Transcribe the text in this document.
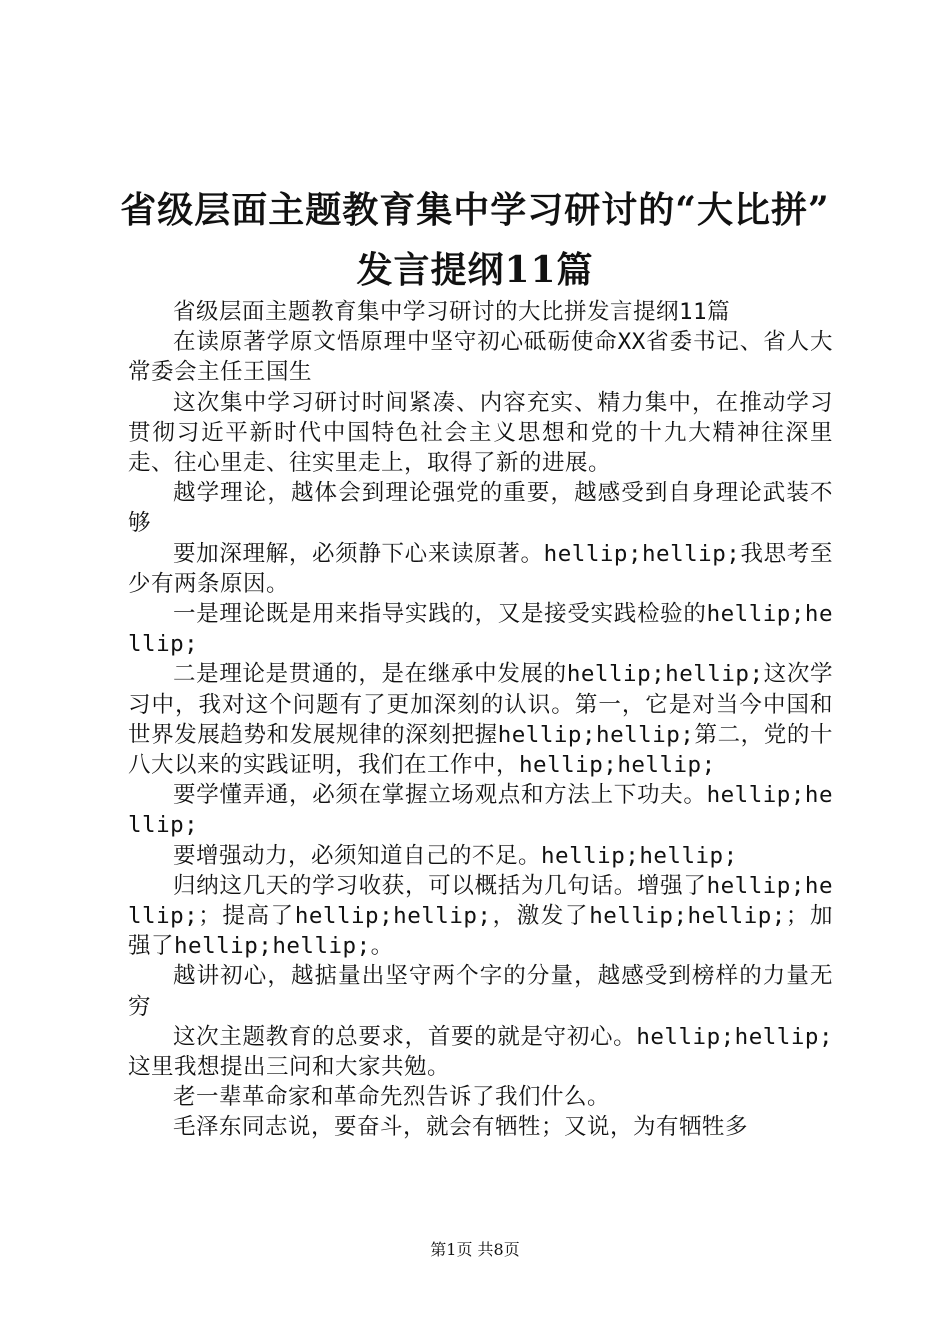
省级层面主题教育集中学习研讨的“大比拼”
发言提纲11篇

省级层面主题教育集中学习研讨的大比拼发言提纲11篇

在读原著学原文悟原理中坚守初心砥砺使命XX省委书记、省人大常委会主任王国生

这次集中学习研讨时间紧凑、内容充实、精力集中，在推动学习贯彻习近平新时代中国特色社会主义思想和党的十九大精神往深里走、往心里走、往实里走上，取得了新的进展。

越学理论，越体会到理论强党的重要，越感受到自身理论武装不够

要加深理解，必须静下心来读原著。hellip;hellip;我思考至少有两条原因。

一是理论既是用来指导实践的，又是接受实践检验的hellip;hellip;

二是理论是贯通的，是在继承中发展的hellip;hellip;这次学习中，我对这个问题有了更加深刻的认识。第一，它是对当今中国和世界发展趋势和发展规律的深刻把握hellip;hellip;第二，党的十八大以来的实践证明，我们在工作中，hellip;hellip;

要学懂弄通，必须在掌握立场观点和方法上下功夫。hellip;hellip;

要增强动力，必须知道自己的不足。hellip;hellip;

归纳这几天的学习收获，可以概括为几句话。增强了hellip;hellip;；提高了hellip;hellip;，激发了hellip;hellip;；加强了hellip;hellip;。

越讲初心，越掂量出坚守两个字的分量，越感受到榜样的力量无穷

这次主题教育的总要求，首要的就是守初心。hellip;hellip;这里我想提出三问和大家共勉。

老一辈革命家和革命先烈告诉了我们什么。

毛泽东同志说，要奋斗，就会有牺牲；又说，为有牺牲多

第1页 共8页
